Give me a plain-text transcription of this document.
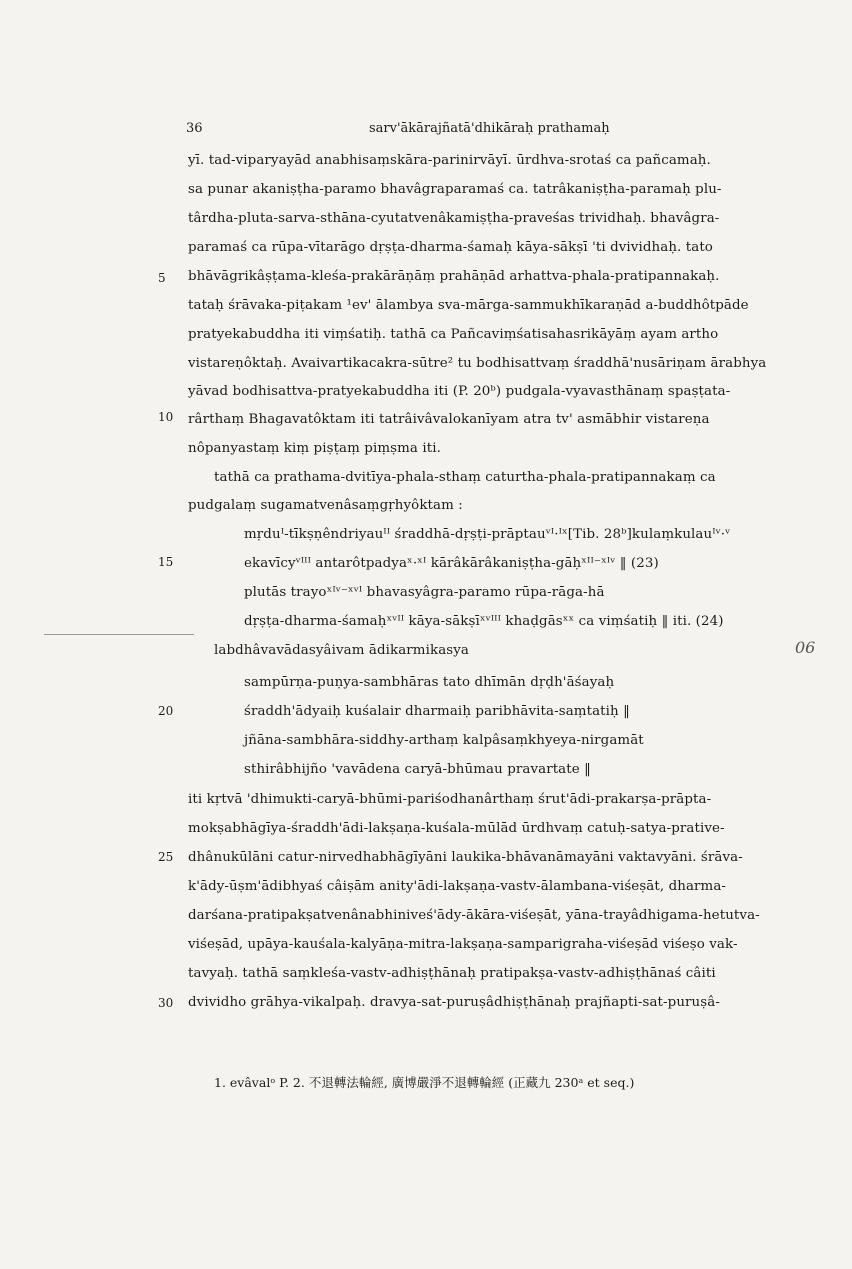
36	sarv'ākārajñatā'dhikāraḥ prathamaḥ
5
10
15
20
25
30
yī. tad-viparyayād anabhisaṃskāra-parinirvāyī. ūrdhva-srotaś ca pañcamaḥ.
sa punar akaniṣṭha-paramo bhavâgraparamaś ca. tatrâkaniṣṭha-paramaḥ plu-
târdha-pluta-sarva-sthāna-cyutatvenâkamiṣṭha-praveśas trividhaḥ. bhavâgra-
paramaś ca rūpa-vītarāgo dṛṣṭa-dharma-śamaḥ kāya-sākṣī 'ti dvividhaḥ. tato
bhāvāgrikâṣṭama-kleśa-prakārāṇāṃ prahāṇād arhattva-phala-pratipannakaḥ.
tataḥ śrāvaka-piṭakam ¹ev' ālambya sva-mārga-sammukhīkaraṇād a-buddhôtpāde
pratyekabuddha iti viṃśatiḥ. tathā ca Pañcaviṃśatisahasrikāyāṃ ayam artho
vistareṇôktaḥ. Avaivartikacakra-sūtre² tu bodhisattvaṃ śraddhā'nusāriṇam ārabhya
yāvad bodhisattva-pratyekabuddha iti (P. 20ᵇ) pudgala-vyavasthānaṃ spaṣṭata-
rârthaṃ Bhagavatôktam iti tatrâivâvalokanīyam atra tv' asmābhir vistareṇa
nôpanyastaṃ kiṃ piṣṭaṃ piṃṣma iti.
tathā ca prathama-dvitīya-phala-sthaṃ caturtha-phala-pratipannakaṃ ca
pudgalaṃ sugamatvenâsaṃgṛhyôktam :
mṛduᴵ-tīkṣṇêndriyauᴵᴵ śraddhā-dṛṣṭi-prāptauᵛᴵ·ᴵˣ[Tib. 28ᵇ]kulaṃkulauᴵᵛ·ᵛ
ekavīcyᵛᴵᴵᴵ antarôtpadyaˣ·ˣᴵ kārâkārâkaniṣṭha-gāḥˣᴵᴵ⁻ˣᴵᵛ ‖ (23)
plutās trayoˣᴵᵛ⁻ˣᵛᴵ bhavasyâgra-paramo rūpa-rāga-hā
dṛṣṭa-dharma-śamaḥˣᵛᴵᴵ kāya-sākṣīˣᵛᴵᴵᴵ khaḍgāsˣˣ ca viṃśatiḥ ‖ iti. (24)
labdhâvavādasyâivam ādikarmikasya
sampūrṇa-puṇya-sambhāras tato dhīmān dṛḍh'āśayaḥ
śraddh'ādyaiḥ kuśalair dharmaiḥ paribhāvita-saṃtatiḥ ‖
jñāna-sambhāra-siddhy-arthaṃ kalpâsaṃkhyeya-nirgamāt
sthirâbhijño 'vavādena caryā-bhūmau pravartate ‖
iti kṛtvā 'dhimukti-caryā-bhūmi-pariśodhanârthaṃ śrut'ādi-prakarṣa-prāpta-
mokṣabhāgīya-śraddh'ādi-lakṣaṇa-kuśala-mūlād ūrdhvaṃ catuḥ-satya-prative-
dhânukūlāni catur-nirvedhabhāgīyāni laukika-bhāvanāmayāni vaktavyāni. śrāva-
k'ādy-ūṣm'ādibhyaś câiṣām anity'ādi-lakṣaṇa-vastv-ālambana-viśeṣāt, dharma-
darśana-pratipakṣatvenânabhiniveś'ādy-ākāra-viśeṣāt, yāna-trayâdhigama-hetutva-
viśeṣād, upāya-kauśala-kalyāṇa-mitra-lakṣaṇa-samparigraha-viśeṣād viśeṣo vak-
tavyaḥ. tathā saṃkleśa-vastv-adhiṣṭhānaḥ pratipakṣa-vastv-adhiṣṭhānaś câiti
dvividho grāhya-vikalpaḥ. dravya-sat-puruṣâdhiṣṭhānaḥ prajñapti-sat-puruṣâ-
1. evâvalᵒ P. 2. 不退轉法輪經, 廣博嚴淨不退轉輪經 (正藏九 230ᵃ et seq.)
06
